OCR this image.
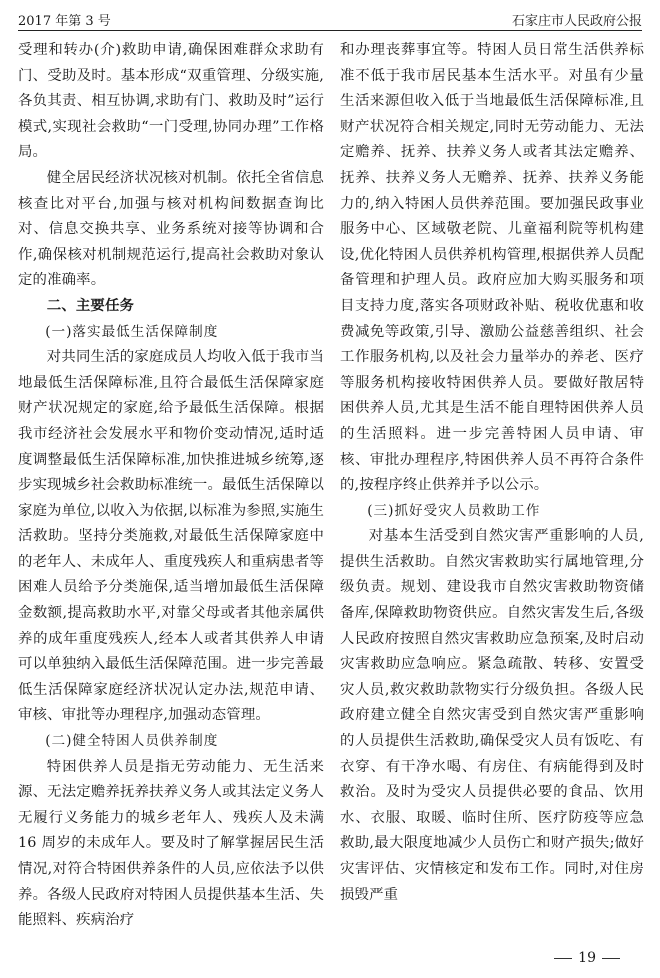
2017 年第 3 号	石家庄市人民政府公报

受理和转办(介)救助申请,确保困难群众求助有门、受助及时。基本形成“双重管理、分级实施,各负其责、相互协调,求助有门、救助及时”运行模式,实现社会救助“一门受理,协同办理”工作格局。

健全居民经济状况核对机制。依托全省信息核查比对平台,加强与核对机构间数据查询比对、信息交换共享、业务系统对接等协调和合作,确保核对机制规范运行,提高社会救助对象认定的准确率。

二、主要任务
(一)落实最低生活保障制度

对共同生活的家庭成员人均收入低于我市当地最低生活保障标准,且符合最低生活保障家庭财产状况规定的家庭,给予最低生活保障。根据我市经济社会发展水平和物价变动情况,适时适度调整最低生活保障标准,加快推进城乡统筹,逐步实现城乡社会救助标准统一。最低生活保障以家庭为单位,以收入为依据,以标准为参照,实施生活救助。坚持分类施救,对最低生活保障家庭中的老年人、未成年人、重度残疾人和重病患者等困难人员给予分类施保,适当增加最低生活保障金数额,提高救助水平,对靠父母或者其他亲属供养的成年重度残疾人,经本人或者其供养人申请可以单独纳入最低生活保障范围。进一步完善最低生活保障家庭经济状况认定办法,规范申请、审核、审批等办理程序,加强动态管理。

(二)健全特困人员供养制度

特困供养人员是指无劳动能力、无生活来源、无法定赡养抚养扶养义务人或其法定义务人无履行义务能力的城乡老年人、残疾人及未满 16 周岁的未成年人。要及时了解掌握居民生活情况,对符合特困供养条件的人员,应依法予以供养。各级人民政府对特困人员提供基本生活、失能照料、疾病治疗

和办理丧葬事宜等。特困人员日常生活供养标准不低于我市居民基本生活水平。对虽有少量生活来源但收入低于当地最低生活保障标准,且财产状况符合相关规定,同时无劳动能力、无法定赡养、抚养、扶养义务人或者其法定赡养、抚养、扶养义务人无赡养、抚养、扶养义务能力的,纳入特困人员供养范围。要加强民政事业服务中心、区域敬老院、儿童福利院等机构建设,优化特困人员供养机构管理,根据供养人员配备管理和护理人员。政府应加大购买服务和项目支持力度,落实各项财政补贴、税收优惠和收费减免等政策,引导、激励公益慈善组织、社会工作服务机构,以及社会力量举办的养老、医疗等服务机构接收特困供养人员。要做好散居特困供养人员,尤其是生活不能自理特困供养人员的生活照料。进一步完善特困人员申请、审核、审批办理程序,特困供养人员不再符合条件的,按程序终止供养并予以公示。

(三)抓好受灾人员救助工作

对基本生活受到自然灾害严重影响的人员,提供生活救助。自然灾害救助实行属地管理,分级负责。规划、建设我市自然灾害救助物资储备库,保障救助物资供应。自然灾害发生后,各级人民政府按照自然灾害救助应急预案,及时启动灾害救助应急响应。紧急疏散、转移、安置受灾人员,救灾救助款物实行分级负担。各级人民政府建立健全自然灾害受到自然灾害严重影响的人员提供生活救助,确保受灾人员有饭吃、有衣穿、有干净水喝、有房住、有病能得到及时救治。及时为受灾人员提供必要的食品、饮用水、衣服、取暖、临时住所、医疗防疫等应急救助,最大限度地减少人员伤亡和财产损失;做好灾害评估、灾情核定和发布工作。同时,对住房损毁严重

19
